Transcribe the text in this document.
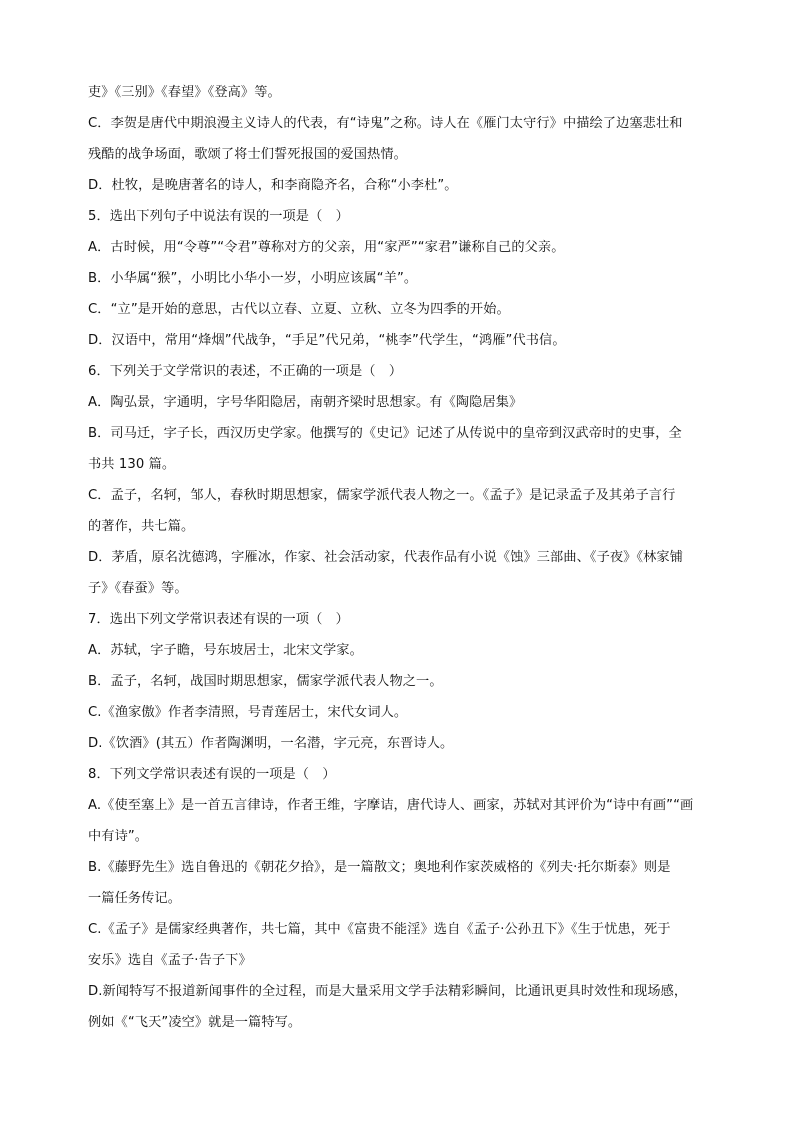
吏》《三别》《春望》《登高》等。
C．李贺是唐代中期浪漫主义诗人的代表，有“诗鬼”之称。诗人在《雁门太守行》中描绘了边塞悲壮和
残酷的战争场面，歌颂了将士们誓死报国的爱国热情。
D．杜牧，是晚唐著名的诗人，和李商隐齐名，合称“小李杜”。
5．选出下列句子中说法有误的一项是（　）
A．古时候，用“令尊”“令君”尊称对方的父亲，用“家严”“家君”谦称自己的父亲。
B．小华属“猴”，小明比小华小一岁，小明应该属“羊”。
C．“立”是开始的意思，古代以立春、立夏、立秋、立冬为四季的开始。
D．汉语中，常用“烽烟”代战争，“手足”代兄弟，“桃李”代学生，“鸿雁”代书信。
6．下列关于文学常识的表述，不正确的一项是（　）
A．陶弘景，字通明，字号华阳隐居，南朝齐梁时思想家。有《陶隐居集》
B．司马迁，字子长，西汉历史学家。他撰写的《史记》记述了从传说中的皇帝到汉武帝时的史事，全
书共 130 篇。
C．孟子，名轲，邹人，春秋时期思想家，儒家学派代表人物之一。《孟子》是记录孟子及其弟子言行
的著作，共七篇。
D．茅盾，原名沈德鸿，字雁冰，作家、社会活动家，代表作品有小说《蚀》三部曲、《子夜》《林家铺
子》《春蚕》等。
7．选出下列文学常识表述有误的一项（　）
A．苏轼，字子瞻，号东坡居士，北宋文学家。
B．孟子，名轲，战国时期思想家，儒家学派代表人物之一。
C.《渔家傲》作者李清照，号青莲居士，宋代女词人。
D.《饮酒》(其五）作者陶渊明，一名潜，字元亮，东晋诗人。
8．下列文学常识表述有误的一项是（　）
A.《使至塞上》是一首五言律诗，作者王维，字摩诘，唐代诗人、画家，苏轼对其评价为“诗中有画”“画
中有诗”。
B.《藤野先生》选自鲁迅的《朝花夕拾》，是一篇散文；奥地利作家茨威格的《列夫·托尔斯泰》则是
一篇任务传记。
C.《孟子》是儒家经典著作，共七篇，其中《富贵不能淫》选自《孟子·公孙丑下》《生于忧患，死于
安乐》选自《孟子·告子下》
D.新闻特写不报道新闻事件的全过程，而是大量采用文学手法精彩瞬间，比通讯更具时效性和现场感，
例如《“飞天”凌空》就是一篇特写。
